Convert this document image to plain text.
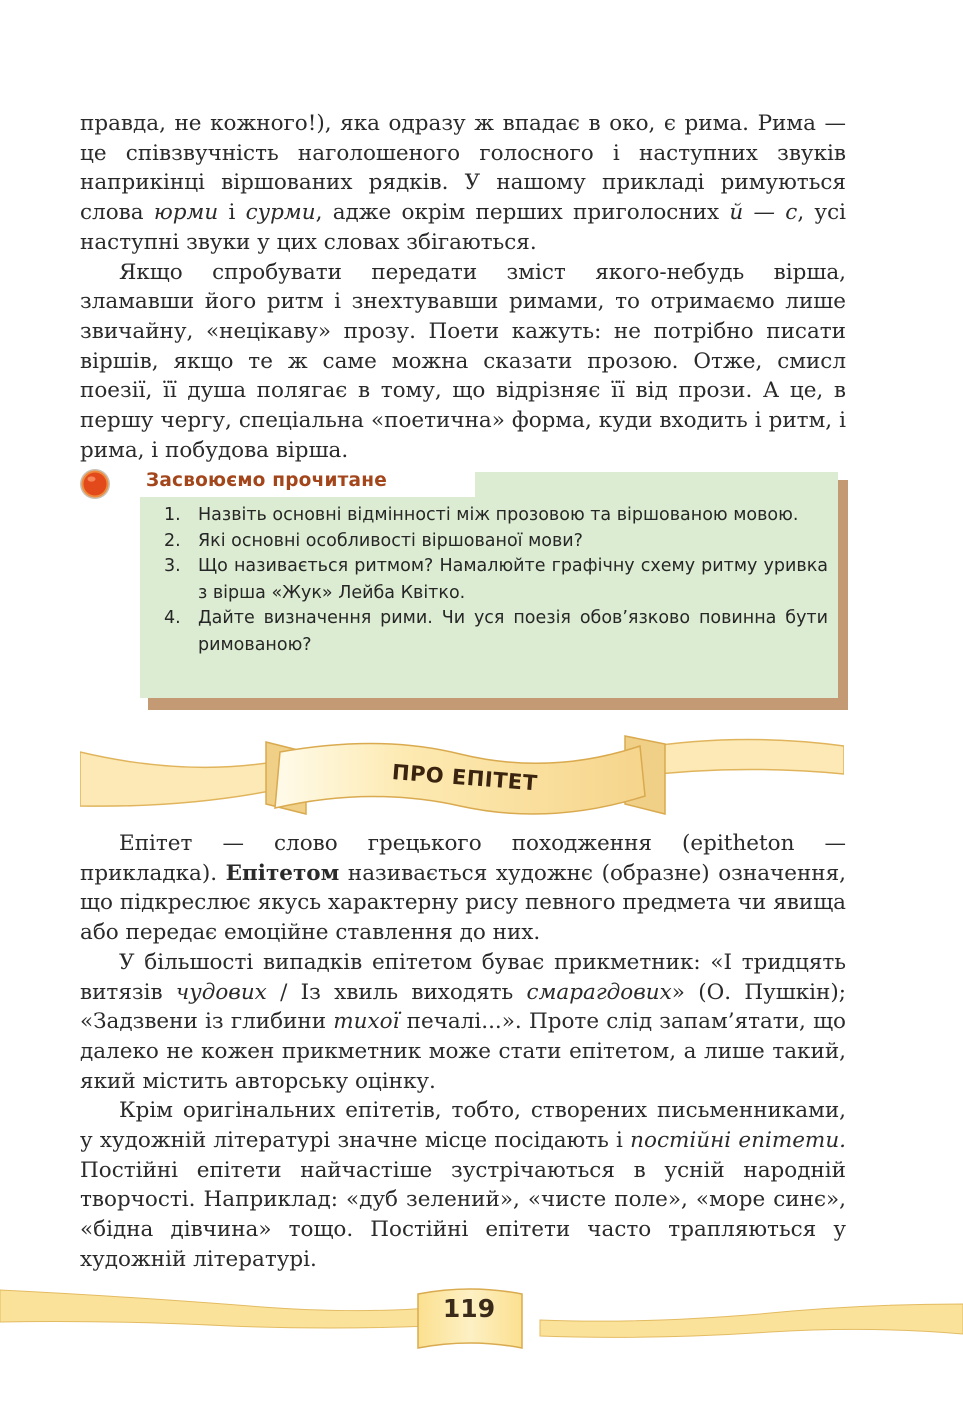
правда, не кожного!), яка одразу ж впадає в око, є рима. Рима — це співзвучність наголошеного голосного і наступних звуків наприкінці віршованих рядків. У нашому прикладі римуються слова юрми і сурми, адже окрім перших приголосних й — с, усі наступні звуки у цих словах збігаються.

Якщо спробувати передати зміст якого-небудь вірша, зламавши його ритм і знехтувавши римами, то отримаємо лише звичайну, «нецікаву» прозу. Поети кажуть: не потрібно писати віршів, якщо те ж саме можна сказати прозою. Отже, смисл поезії, її душа полягає в тому, що відрізняє її від прози. А це, в першу чергу, спеціальна «поетична» форма, куди входить і ритм, і рима, і побудова вірша.

Засвоюємо прочитане
1. Назвіть основні відмінності між прозовою та віршованою мовою.
2. Які основні особливості віршованої мови?
3. Що називається ритмом? Намалюйте графічну схему ритму уривка з вірша «Жук» Лейба Квітко.
4. Дайте визначення рими. Чи уся поезія обов’язково повинна бути римованою?
ПРО ЕПІТЕТ

Епітет — слово грецького походження (epitheton — прикладка). Епітетом називається художнє (образне) означення, що підкреслює якусь характерну рису певного предмета чи явища або передає емоційне ставлення до них.

У більшості випадків епітетом буває прикметник: «І тридцять витязів чудових / Із хвиль виходять смарагдових» (О. Пушкін); «Задзвени із глибини тихої печалі...». Проте слід запам’ятати, що далеко не кожен прикметник може стати епітетом, а лише такий, який містить авторську оцінку.

Крім оригінальних епітетів, тобто, створених письменниками, у художній літературі значне місце посідають і постійні епітети. Постійні епітети найчастіше зустрічаються в усній народній творчості. Наприклад: «дуб зелений», «чисте поле», «море синє», «бідна дівчина» тощо. Постійні епітети часто трапляються у художній літературі.

119
